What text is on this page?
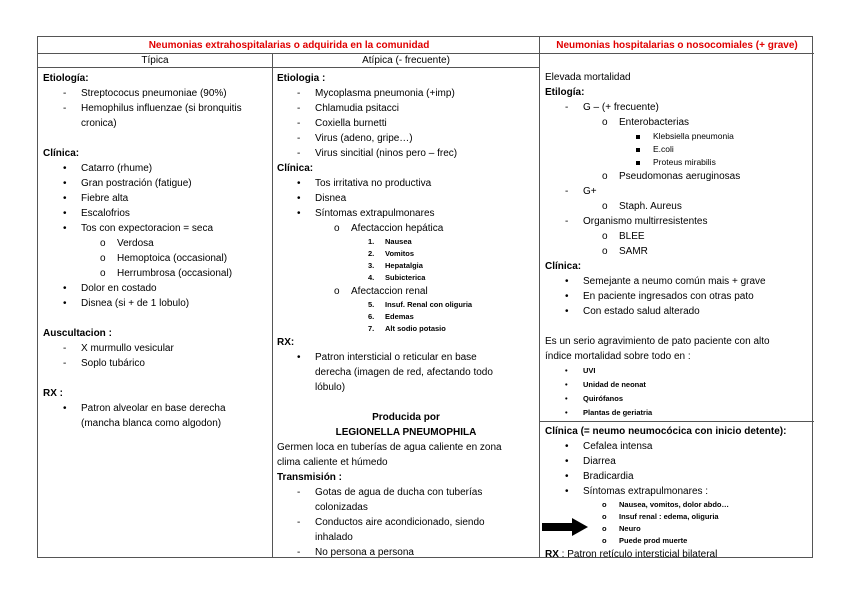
Neumonias extrahospitalarias o adquirida en la comunidad	Neumonias hospitalarias o nosocomiales (+ grave)
Típica	Atípica (- frecuente)
Etiología:
- Streptococus pneumoniae (90%)
- Hemophilus influenzae (si bronquitis
cronica)
Clínica:
• Catarro (rhume)
• Gran postración (fatigue)
• Fiebre alta
• Escalofrios
• Tos con expectoracion = seca
o Verdosa
o Hemoptoica (occasional)
o Herrumbrosa (occasional)
• Dolor en costado
• Disnea (si + de 1 lobulo)
Auscultacion :
- X murmullo vesicular
- Soplo tubárico
RX :
• Patron alveolar en base derecha
(mancha blanca como algodon)
Etiologia :
- Mycoplasma pneumonia (+imp)
- Chlamudia psitacci
- Coxiella burnetti
- Virus (adeno, gripe…)
- Virus sincitial (ninos pero – frec)
Clínica:
• Tos irritativa no productiva
• Disnea
• Síntomas extrapulmonares
o Afectaccion hepática
1. Nausea
2. Vomitos
3. Hepatalgia
4. Subicterica
o Afectaccion renal
5. Insuf. Renal con oliguria
6. Edemas
7. Alt sodio potasio
RX:
• Patron intersticial o reticular en base
derecha (imagen de red, afectando todo
lóbulo)
Producida por
LEGIONELLA PNEUMOPHILA
Germen loca en tuberías de agua caliente en zona
clima caliente et húmedo
Transmisión :
- Gotas de agua de ducha con tuberías
colonizadas
- Conductos aire acondicionado, siendo
inhalado
- No persona a persona
Elevada mortalidad
Etilogía:
- G – (+ frecuente)
o Enterobacterias
Klebsiella pneumonia
E.coli
Proteus mirabilis
o Pseudomonas aeruginosas
- G+
o Staph. Aureus
- Organismo multirresistentes
o BLEE
o SAMR
Clínica:
• Semejante a neumo común mais + grave
• En paciente ingresados con otras pato
• Con estado salud alterado
Es un serio agravimiento de pato paciente con alto
índice mortalidad sobre todo en :
• UVI
• Unidad de neonat
• Quirófanos
• Plantas de geriatria
Clínica (= neumo neumocócica con inicio detente):
• Cefalea intensa
• Diarrea
• Bradicardia
• Síntomas extrapulmonares :
o Nausea, vomitos, dolor abdo…
o Insuf renal : edema, oliguria
o Neuro
o Puede prod muerte
RX : Patron retículo intersticial bilateral
